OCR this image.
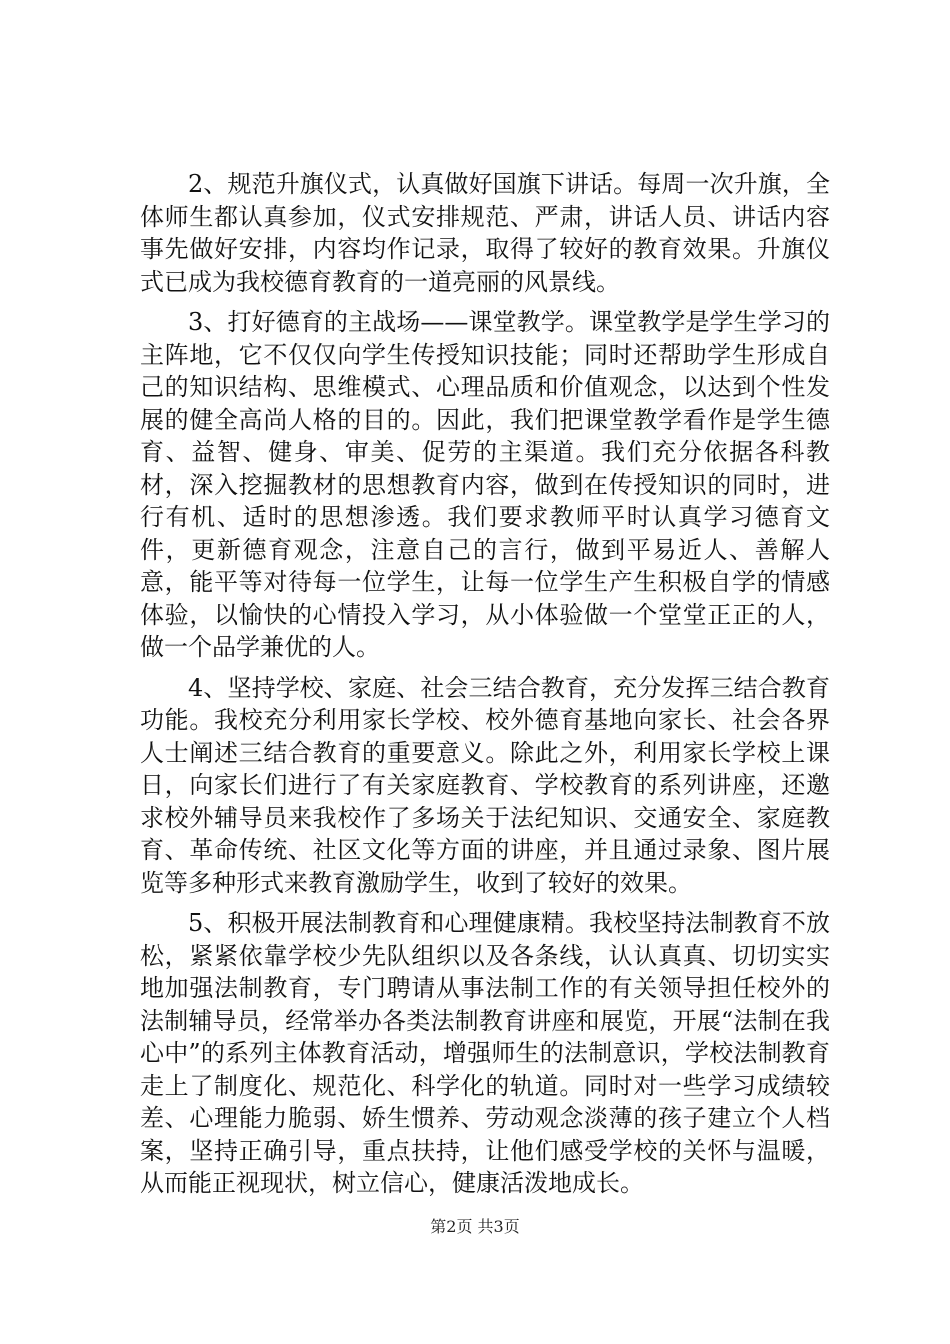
2、规范升旗仪式，认真做好国旗下讲话。每周一次升旗，全体师生都认真参加，仪式安排规范、严肃，讲话人员、讲话内容事先做好安排，内容均作记录，取得了较好的教育效果。升旗仪式已成为我校德育教育的一道亮丽的风景线。

3、打好德育的主战场——课堂教学。课堂教学是学生学习的主阵地，它不仅仅向学生传授知识技能；同时还帮助学生形成自己的知识结构、思维模式、心理品质和价值观念，以达到个性发展的健全高尚人格的目的。因此，我们把课堂教学看作是学生德育、益智、健身、审美、促劳的主渠道。我们充分依据各科教材，深入挖掘教材的思想教育内容，做到在传授知识的同时，进行有机、适时的思想渗透。我们要求教师平时认真学习德育文件，更新德育观念，注意自己的言行，做到平易近人、善解人意，能平等对待每一位学生，让每一位学生产生积极自学的情感体验，以愉快的心情投入学习，从小体验做一个堂堂正正的人，做一个品学兼优的人。

4、坚持学校、家庭、社会三结合教育，充分发挥三结合教育功能。我校充分利用家长学校、校外德育基地向家长、社会各界人士阐述三结合教育的重要意义。除此之外，利用家长学校上课日，向家长们进行了有关家庭教育、学校教育的系列讲座，还邀求校外辅导员来我校作了多场关于法纪知识、交通安全、家庭教育、革命传统、社区文化等方面的讲座，并且通过录象、图片展览等多种形式来教育激励学生，收到了较好的效果。

5、积极开展法制教育和心理健康精。我校坚持法制教育不放松，紧紧依靠学校少先队组织以及各条线，认认真真、切切实实地加强法制教育，专门聘请从事法制工作的有关领导担任校外的法制辅导员，经常举办各类法制教育讲座和展览，开展“法制在我心中”的系列主体教育活动，增强师生的法制意识，学校法制教育走上了制度化、规范化、科学化的轨道。同时对一些学习成绩较差、心理能力脆弱、娇生惯养、劳动观念淡薄的孩子建立个人档案，坚持正确引导，重点扶持，让他们感受学校的关怀与温暖，从而能正视现状，树立信心，健康活泼地成长。

第2页 共3页
